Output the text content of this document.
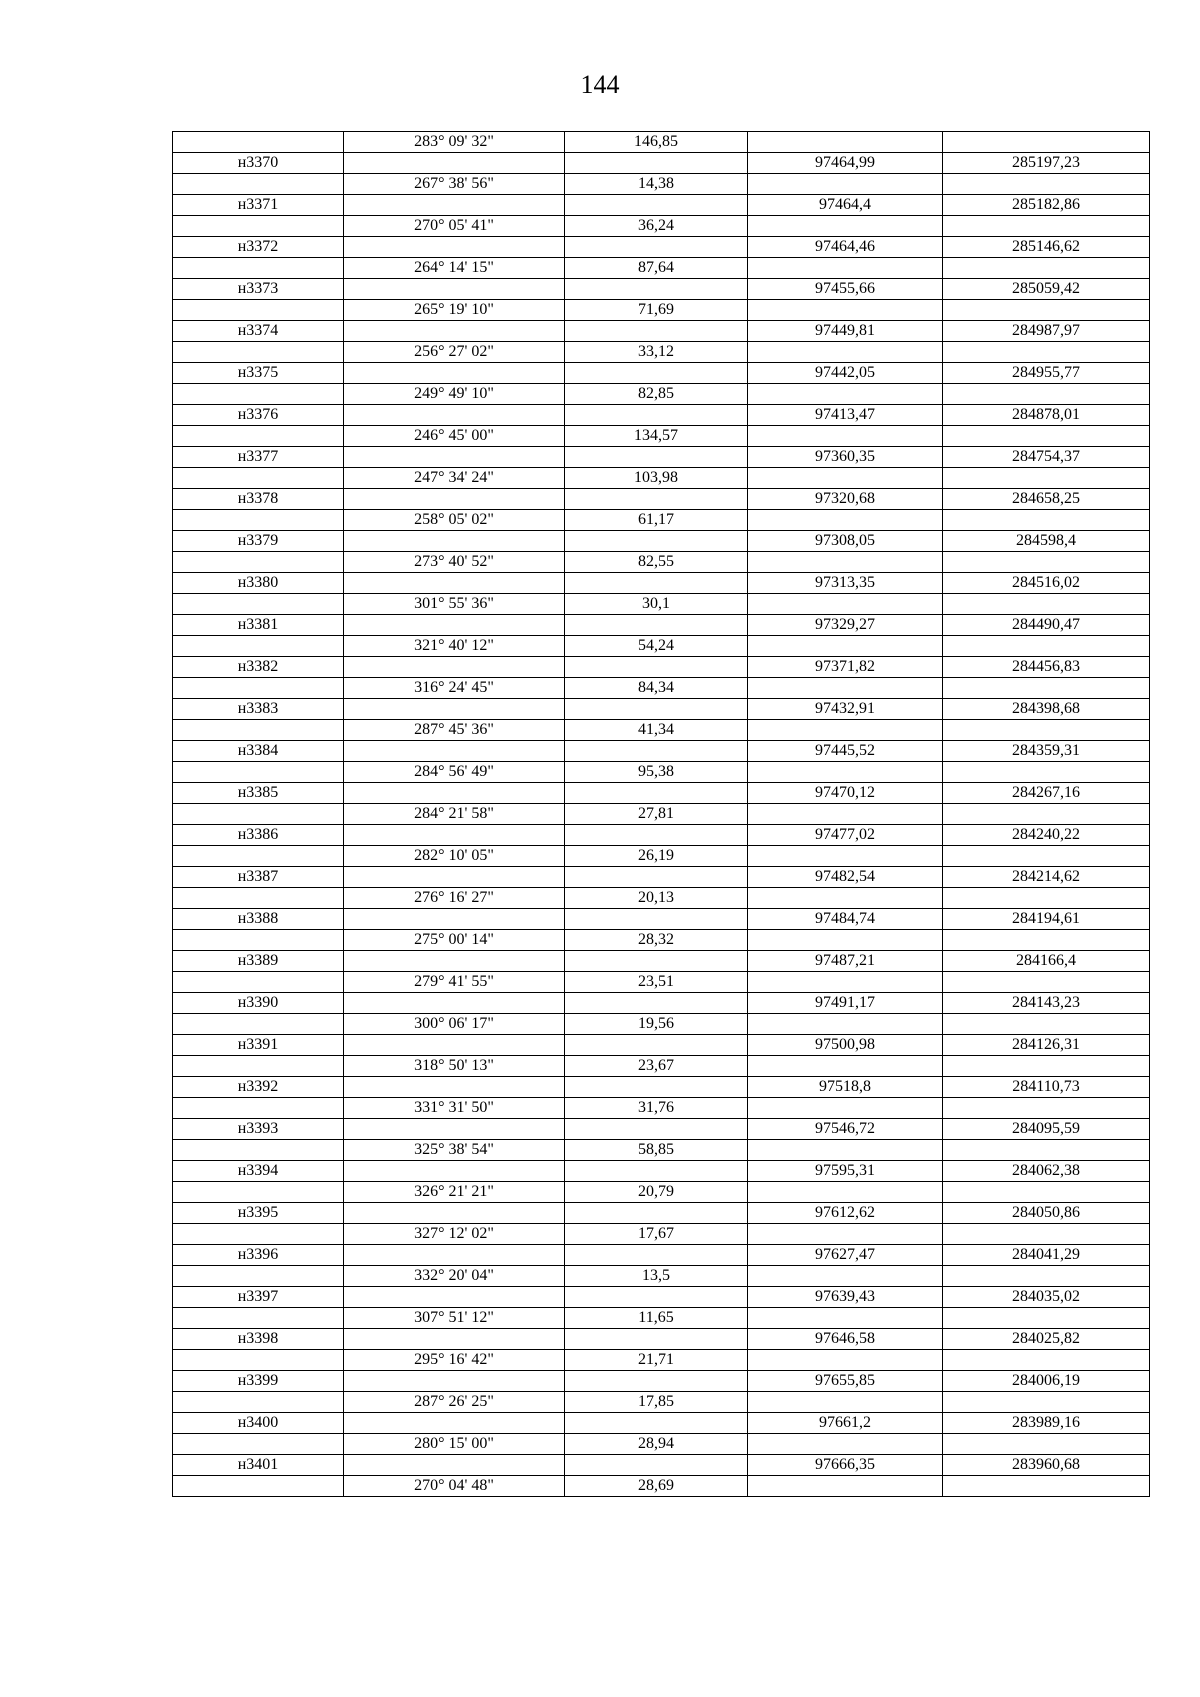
144
	283° 09' 32"	146,85		
н3370			97464,99	285197,23
	267° 38' 56"	14,38		
н3371			97464,4	285182,86
	270° 05' 41"	36,24		
н3372			97464,46	285146,62
	264° 14' 15"	87,64		
н3373			97455,66	285059,42
	265° 19' 10"	71,69		
н3374			97449,81	284987,97
	256° 27' 02"	33,12		
н3375			97442,05	284955,77
	249° 49' 10"	82,85		
н3376			97413,47	284878,01
	246° 45' 00"	134,57		
н3377			97360,35	284754,37
	247° 34' 24"	103,98		
н3378			97320,68	284658,25
	258° 05' 02"	61,17		
н3379			97308,05	284598,4
	273° 40' 52"	82,55		
н3380			97313,35	284516,02
	301° 55' 36"	30,1		
н3381			97329,27	284490,47
	321° 40' 12"	54,24		
н3382			97371,82	284456,83
	316° 24' 45"	84,34		
н3383			97432,91	284398,68
	287° 45' 36"	41,34		
н3384			97445,52	284359,31
	284° 56' 49"	95,38		
н3385			97470,12	284267,16
	284° 21' 58"	27,81		
н3386			97477,02	284240,22
	282° 10' 05"	26,19		
н3387			97482,54	284214,62
	276° 16' 27"	20,13		
н3388			97484,74	284194,61
	275° 00' 14"	28,32		
н3389			97487,21	284166,4
	279° 41' 55"	23,51		
н3390			97491,17	284143,23
	300° 06' 17"	19,56		
н3391			97500,98	284126,31
	318° 50' 13"	23,67		
н3392			97518,8	284110,73
	331° 31' 50"	31,76		
н3393			97546,72	284095,59
	325° 38' 54"	58,85		
н3394			97595,31	284062,38
	326° 21' 21"	20,79		
н3395			97612,62	284050,86
	327° 12' 02"	17,67		
н3396			97627,47	284041,29
	332° 20' 04"	13,5		
н3397			97639,43	284035,02
	307° 51' 12"	11,65		
н3398			97646,58	284025,82
	295° 16' 42"	21,71		
н3399			97655,85	284006,19
	287° 26' 25"	17,85		
н3400			97661,2	283989,16
	280° 15' 00"	28,94		
н3401			97666,35	283960,68
	270° 04' 48"	28,69		
